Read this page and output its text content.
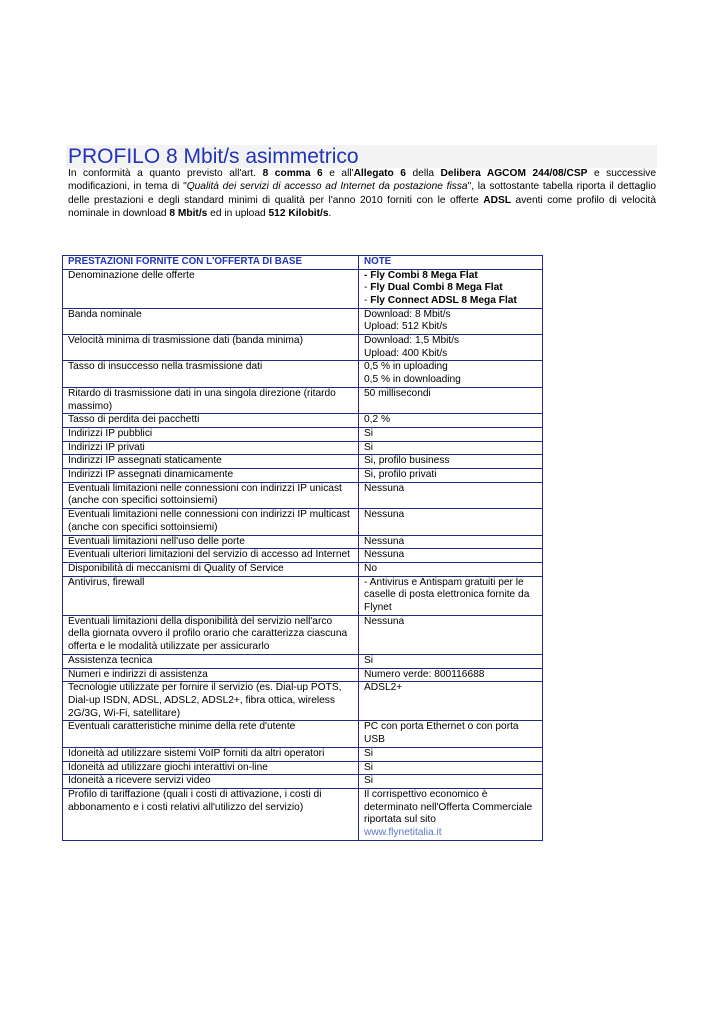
PROFILO 8 Mbit/s asimmetrico
In conformità a quanto previsto all'art. 8 comma 6 e all'Allegato 6 della Delibera AGCOM 244/08/CSP e successive modificazioni, in tema di "Qualità dei servizi di accesso ad Internet da postazione fissa", la sottostante tabella riporta il dettaglio delle prestazioni e degli standard minimi di qualità per l'anno 2010 forniti con le offerte ADSL aventi come profilo di velocità nominale in download 8 Mbit/s ed in upload 512 Kilobit/s.
PRESTAZIONI FORNITE CON L'OFFERTA DI BASE	NOTE
Denominazione delle offerte	- Fly Combi 8 Mega Flat
- Fly Dual Combi 8 Mega Flat
- Fly Connect ADSL 8 Mega Flat

Banda nominale	Download: 8 Mbit/s
Upload: 512 Kbit/s

Velocità minima di trasmissione dati (banda minima)	Download: 1,5 Mbit/s
Upload: 400 Kbit/s

Tasso di insuccesso nella trasmissione dati	0,5 % in uploading
0,5 % in downloading

Ritardo di trasmissione dati in una singola direzione (ritardo massimo)	50 millisecondi

Tasso di perdita dei pacchetti	0,2 %

Indirizzi IP pubblici	Si

Indirizzi IP privati	Si

Indirizzi IP assegnati staticamente	Si, profilo business

Indirizzi IP assegnati dinamicamente	Si, profilo privati

Eventuali limitazioni nelle connessioni con indirizzi IP unicast (anche con specifici sottoinsiemi)	Nessuna

Eventuali limitazioni nelle connessioni con indirizzi IP multicast (anche con specifici sottoinsiemi)	Nessuna

Eventuali limitazioni nell'uso delle porte	Nessuna

Eventuali ulteriori limitazioni del servizio di accesso ad Internet	Nessuna

Disponibilità di meccanismi di Quality of Service	No

Antivirus, firewall	- Antivirus e Antispam gratuiti per le caselle di posta elettronica fornite da Flynet

Eventuali limitazioni della disponibilità del servizio nell'arco della giornata ovvero il profilo orario che caratterizza ciascuna offerta e le modalità utilizzate per assicurarlo	Nessuna

Assistenza tecnica	Si

Numeri e indirizzi di assistenza	Numero verde: 800116688

Tecnologie utilizzate per fornire il servizio (es. Dial-up POTS, Dial-up ISDN, ADSL, ADSL2, ADSL2+, fibra ottica, wireless 2G/3G, Wi-Fi, satellitare)	ADSL2+

Eventuali caratteristiche minime della rete d'utente	PC con porta Ethernet o con porta USB

Idoneità ad utilizzare sistemi VoIP forniti da altri operatori	Si

Idoneità ad utilizzare giochi interattivi on-line	Si

Idoneità a ricevere servizi video	Si

Profilo di tariffazione (quali i costi di attivazione, i costi di abbonamento e i costi relativi all'utilizzo del servizio)	Il corrispettivo economico è determinato nell'Offerta Commerciale riportata sul sito
www.flynetitalia.it
